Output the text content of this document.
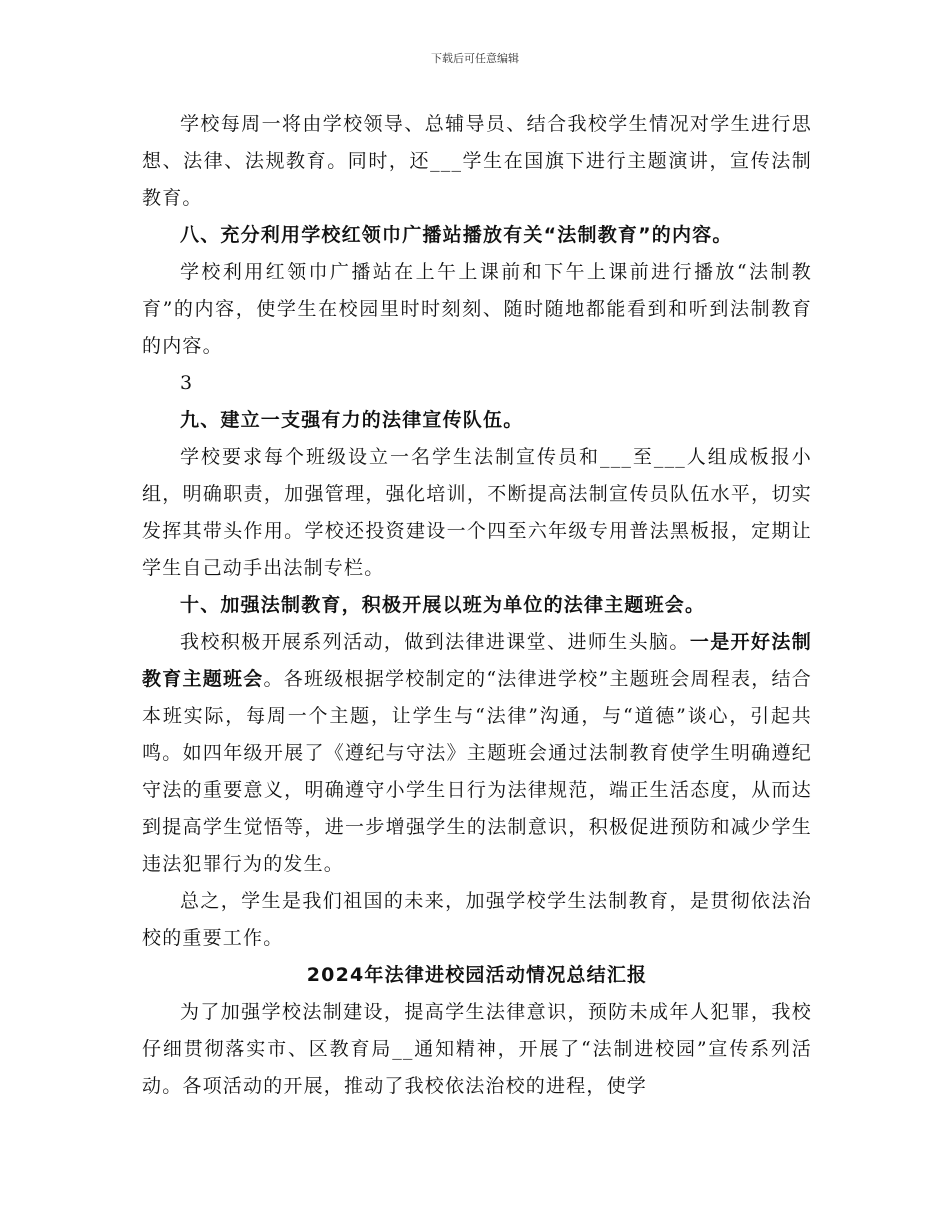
下载后可任意编辑

学校每周一将由学校领导、总辅导员、结合我校学生情况对学生进行思想、法律、法规教育。同时，还___学生在国旗下进行主题演讲，宣传法制教育。

八、充分利用学校红领巾广播站播放有关“法制教育”的内容。

学校利用红领巾广播站在上午上课前和下午上课前进行播放“法制教育”的内容，使学生在校园里时时刻刻、随时随地都能看到和听到法制教育的内容。

3

九、建立一支强有力的法律宣传队伍。

学校要求每个班级设立一名学生法制宣传员和___至___人组成板报小组，明确职责，加强管理，强化培训，不断提高法制宣传员队伍水平，切实发挥其带头作用。学校还投资建设一个四至六年级专用普法黑板报，定期让学生自己动手出法制专栏。

十、加强法制教育，积极开展以班为单位的法律主题班会。

我校积极开展系列活动，做到法律进课堂、进师生头脑。一是开好法制教育主题班会。各班级根据学校制定的“法律进学校”主题班会周程表，结合本班实际，每周一个主题，让学生与“法律”沟通，与“道德”谈心，引起共鸣。如四年级开展了《遵纪与守法》主题班会通过法制教育使学生明确遵纪守法的重要意义，明确遵守小学生日行为法律规范，端正生活态度，从而达到提高学生觉悟等，进一步增强学生的法制意识，积极促进预防和减少学生违法犯罪行为的发生。

总之，学生是我们祖国的未来，加强学校学生法制教育，是贯彻依法治校的重要工作。

2024年法律进校园活动情况总结汇报

为了加强学校法制建设，提高学生法律意识，预防未成年人犯罪，我校仔细贯彻落实市、区教育局__通知精神，开展了“法制进校园”宣传系列活动。各项活动的开展，推动了我校依法治校的进程，使学
